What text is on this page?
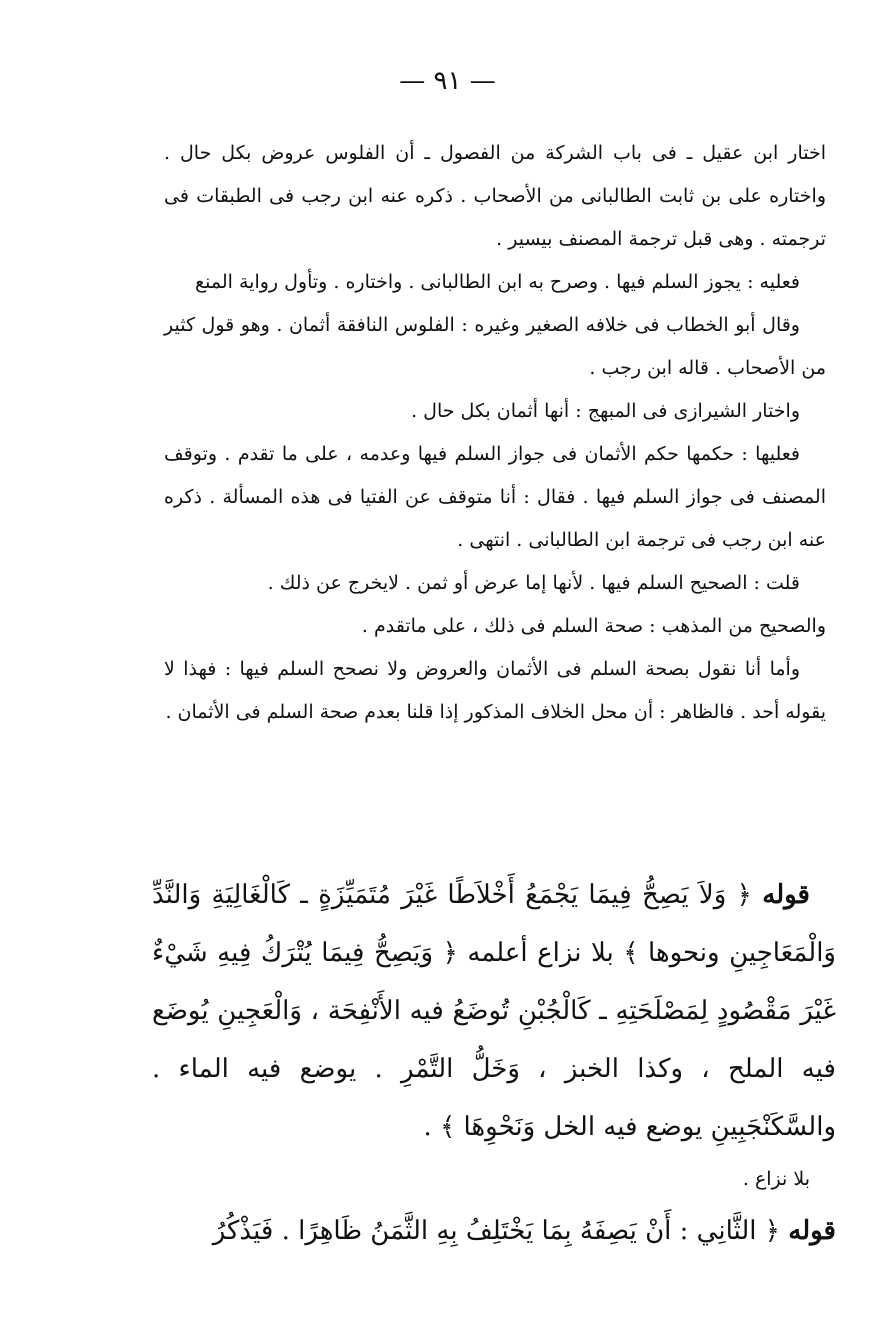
— ٩١ —

اختار ابن عقيل ـ فى باب الشركة من الفصول ـ أن الفلوس عروض بكل حال . واختاره على بن ثابت الطالبانى من الأصحاب . ذكره عنه ابن رجب فى الطبقات فى ترجمته . وهى قبل ترجمة المصنف بيسير .

فعليه : يجوز السلم فيها . وصرح به ابن الطالبانى . واختاره . وتأول رواية المنع

وقال أبو الخطاب فى خلافه الصغير وغيره : الفلوس النافقة أثمان . وهو قول كثير من الأصحاب . قاله ابن رجب .

واختار الشيرازى فى المبهج : أنها أثمان بكل حال .

فعليها : حكمها حكم الأثمان فى جواز السلم فيها وعدمه ، على ما تقدم . وتوقف المصنف فى جواز السلم فيها . فقال : أنا متوقف عن الفتيا فى هذه المسألة . ذكره عنه ابن رجب فى ترجمة ابن الطالبانى . انتهى .

قلت : الصحيح السلم فيها . لأنها إما عرض أو ثمن . لايخرج عن ذلك .

والصحيح من المذهب : صحة السلم فى ذلك ، على ماتقدم .

وأما أنا نقول بصحة السلم فى الأثمان والعروض ولا نصحح السلم فيها : فهذا لا يقوله أحد . فالظاهر : أن محل الخلاف المذكور إذا قلنا بعدم صحة السلم فى الأثمان .

قوله ﴿ وَلاَ يَصِحُّ فِيمَا يَجْمَعُ أَخْلاَطًا غَيْرَ مُتَمَيِّزَةٍ ـ كَالْغَالِيَةِ وَالنَّدِّ وَالْمَعَاجِينِ ونحوها ﴾ بلا نزاع أعلمه ﴿ وَيَصِحُّ فِيمَا يُتْرَكُ فِيهِ شَيْءٌ غَيْرَ مَقْصُودٍ لِمَصْلَحَتِهِ ـ كَالْجُبْنِ تُوضَعُ فيه الأَنْفِحَة ، وَالْعَجِينِ يُوضَع فيه الملح ، وكذا الخبز ، وَخَلُّ التَّمْرِ . يوضع فيه الماء . والسَّكَنْجَبِينِ يوضع فيه الخل وَنَحْوِهَا ﴾ .

بلا نزاع .

قوله ﴿ الثَّانِي : أَنْ يَصِفَهُ بِمَا يَخْتَلِفُ بِهِ الثَّمَنُ ظَاهِرًا . فَيَذْكُرُ
